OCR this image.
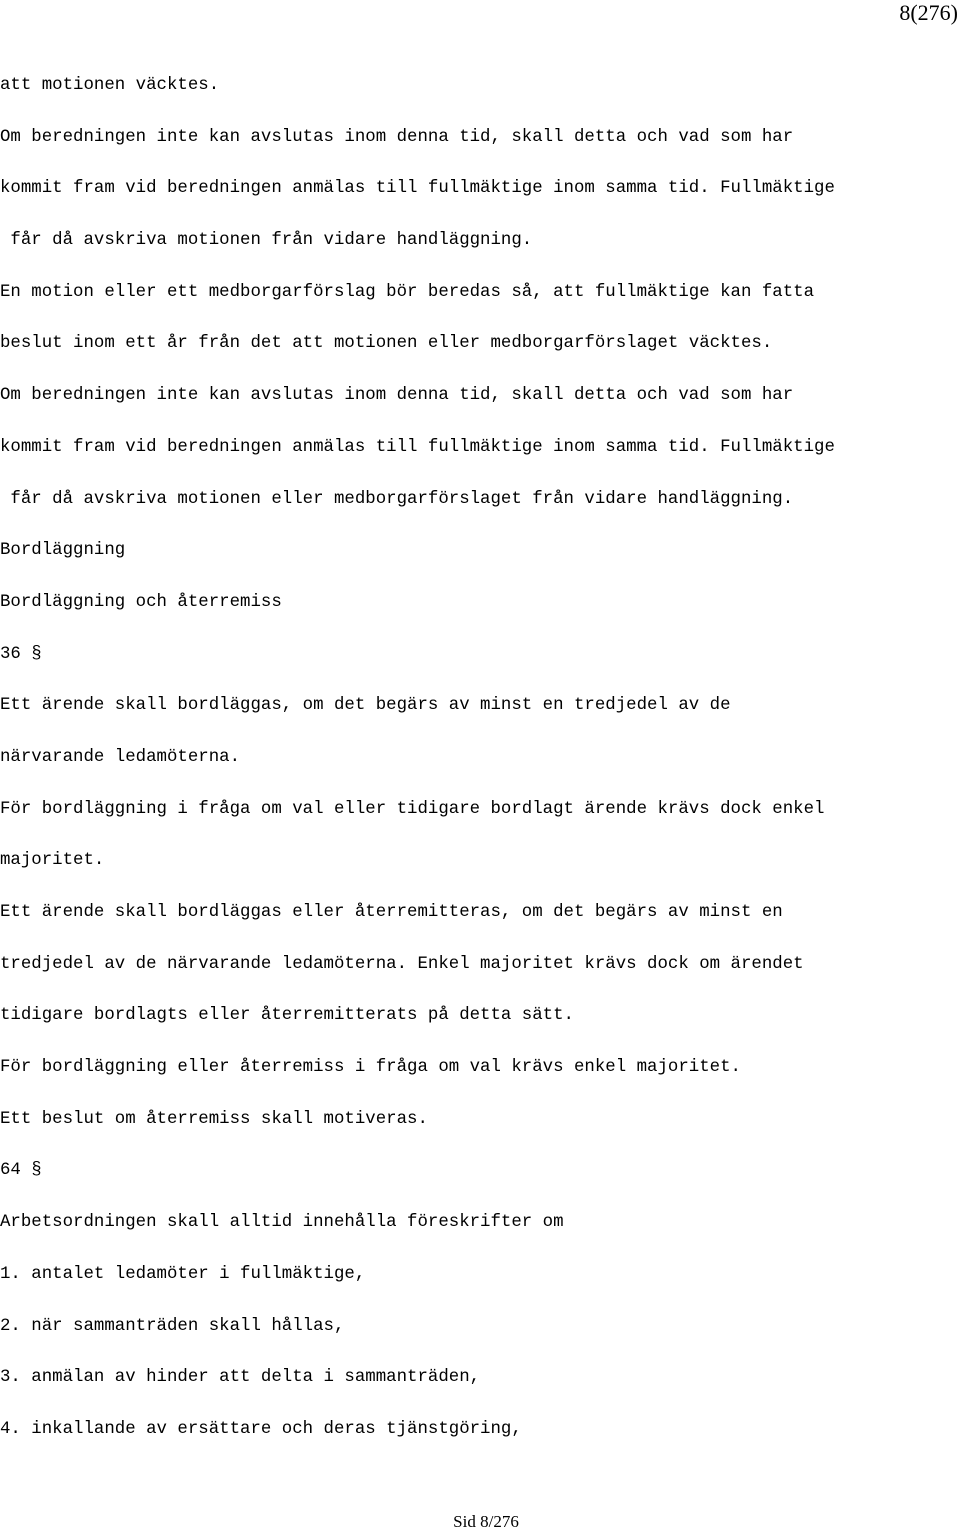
8(276)
att motionen väcktes.
Om beredningen inte kan avslutas inom denna tid, skall detta och vad som har
kommit fram vid beredningen anmälas till fullmäktige inom samma tid. Fullmäktige
får då avskriva motionen från vidare handläggning.
En motion eller ett medborgarförslag bör beredas så, att fullmäktige kan fatta
beslut inom ett år från det att motionen eller medborgarförslaget väcktes.
Om beredningen inte kan avslutas inom denna tid, skall detta och vad som har
kommit fram vid beredningen anmälas till fullmäktige inom samma tid. Fullmäktige
får då avskriva motionen eller medborgarförslaget från vidare handläggning.
Bordläggning
Bordläggning och återremiss
36 §
Ett ärende skall bordläggas, om det begärs av minst en tredjedel av de
närvarande ledamöterna.
För bordläggning i fråga om val eller tidigare bordlagt ärende krävs dock enkel
majoritet.
Ett ärende skall bordläggas eller återremitteras, om det begärs av minst en
tredjedel av de närvarande ledamöterna. Enkel majoritet krävs dock om ärendet
tidigare bordlagts eller återremitterats på detta sätt.
För bordläggning eller återremiss i fråga om val krävs enkel majoritet.
Ett beslut om återremiss skall motiveras.
64 §
Arbetsordningen skall alltid innehålla föreskrifter om
1. antalet ledamöter i fullmäktige,
2. när sammanträden skall hållas,
3. anmälan av hinder att delta i sammanträden,
4. inkallande av ersättare och deras tjänstgöring,
Sid 8/276
